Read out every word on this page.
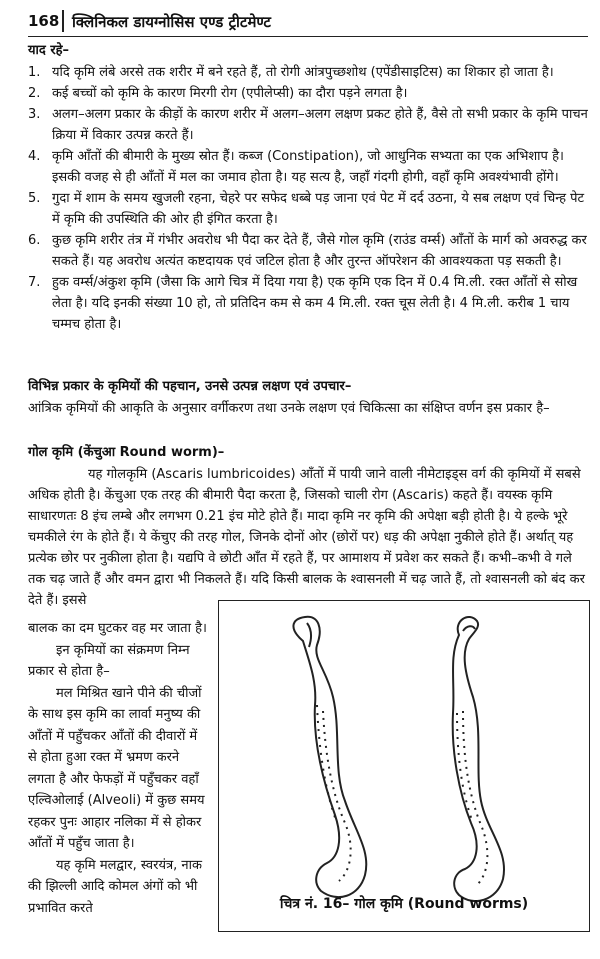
168 क्लिनिकल डायग्नोसिस एण्ड ट्रीटमेण्ट
याद रहे–
1. यदि कृमि लंबे अरसे तक शरीर में बने रहते हैं, तो रोगी आंत्रपुच्छशोथ (एपेंडीसाइटिस) का शिकार हो जाता है।
2. कई बच्चों को कृमि के कारण मिरगी रोग (एपीलेप्सी) का दौरा पड़ने लगता है।
3. अलग–अलग प्रकार के कीड़ों के कारण शरीर में अलग–अलग लक्षण प्रकट होते हैं, वैसे तो सभी प्रकार के कृमि पाचन क्रिया में विकार उत्पन्न करते हैं।
4. कृमि आँतों की बीमारी के मुख्य स्रोत हैं। कब्ज (Constipation), जो आधुनिक सभ्यता का एक अभिशाप है। इसकी वजह से ही आँतों में मल का जमाव होता है। यह सत्य है, जहाँ गंदगी होगी, वहाँ कृमि अवश्यंभावी होंगे।
5. गुदा में शाम के समय खुजली रहना, चेहरे पर सफेद धब्बे पड़ जाना एवं पेट में दर्द उठना, ये सब लक्षण एवं चिन्ह पेट में कृमि की उपस्थिति की ओर ही इंगित करता है।
6. कुछ कृमि शरीर तंत्र में गंभीर अवरोध भी पैदा कर देते हैं, जैसे गोल कृमि (राउंड वर्म्स) आँतों के मार्ग को अवरुद्ध कर सकते हैं। यह अवरोध अत्यंत कष्टदायक एवं जटिल होता है और तुरन्त ऑपरेशन की आवश्यकता पड़ सकती है।
7. हुक वर्म्स/अंकुश कृमि (जैसा कि आगे चित्र में दिया गया है) एक कृमि एक दिन में 0.4 मि.ली. रक्त आँतों से सोख लेता है। यदि इनकी संख्या 10 हो, तो प्रतिदिन कम से कम 4 मि.ली. रक्त चूस लेती है। 4 मि.ली. करीब 1 चाय चम्मच होता है।
विभिन्न प्रकार के कृमियों की पहचान, उनसे उत्पन्न लक्षण एवं उपचार–
आंत्रिक कृमियों की आकृति के अनुसार वर्गीकरण तथा उनके लक्षण एवं चिकित्सा का संक्षिप्त वर्णन इस प्रकार है–
गोल कृमि (केंचुआ Round worm)–
यह गोलकृमि (Ascaris lumbricoides) आँतों में पायी जाने वाली नीमेटाइड्स वर्ग की कृमियों में सबसे अधिक होती है। केंचुआ एक तरह की बीमारी पैदा करता है, जिसको चाली रोग (Ascaris) कहते हैं। वयस्क कृमि साधारणतः 8 इंच लम्बे और लगभग 0.21 इंच मोटे होते हैं। मादा कृमि नर कृमि की अपेक्षा बड़ी होती है। ये हल्के भूरे चमकीले रंग के होते हैं। ये केंचुए की तरह गोल, जिनके दोनों ओर (छोरों पर) धड़ की अपेक्षा नुकीले होते हैं। अर्थात् यह प्रत्येक छोर पर नुकीला होता है। यद्यपि वे छोटी आँत में रहते हैं, पर आमाशय में प्रवेश कर सकते हैं। कभी–कभी वे गले तक चढ़ जाते हैं और वमन द्वारा भी निकलते हैं। यदि किसी बालक के श्वासनली में चढ़ जाते हैं, तो श्वासनली को बंद कर देते हैं। इससे

बालक का दम घुटकर वह मर जाता है।

इन कृमियों का संक्रमण निम्न प्रकार से होता है–

मल मिश्रित खाने पीने की चीजों के साथ इस कृमि का लार्वा मनुष्य की आँतों में पहुँचकर आँतों की दीवारों में से होता हुआ रक्त में भ्रमण करने लगता है और फेफड़ों में पहुँचकर वहाँ एल्विओलाई (Alveoli) में कुछ समय रहकर पुनः आहार नलिका में से होकर आँतों में पहुँच जाता है।

यह कृमि मलद्वार, स्वरयंत्र, नाक की झिल्ली आदि कोमल अंगों को भी प्रभावित करते	चित्र नं. 16– गोल कृमि (Round worms)
